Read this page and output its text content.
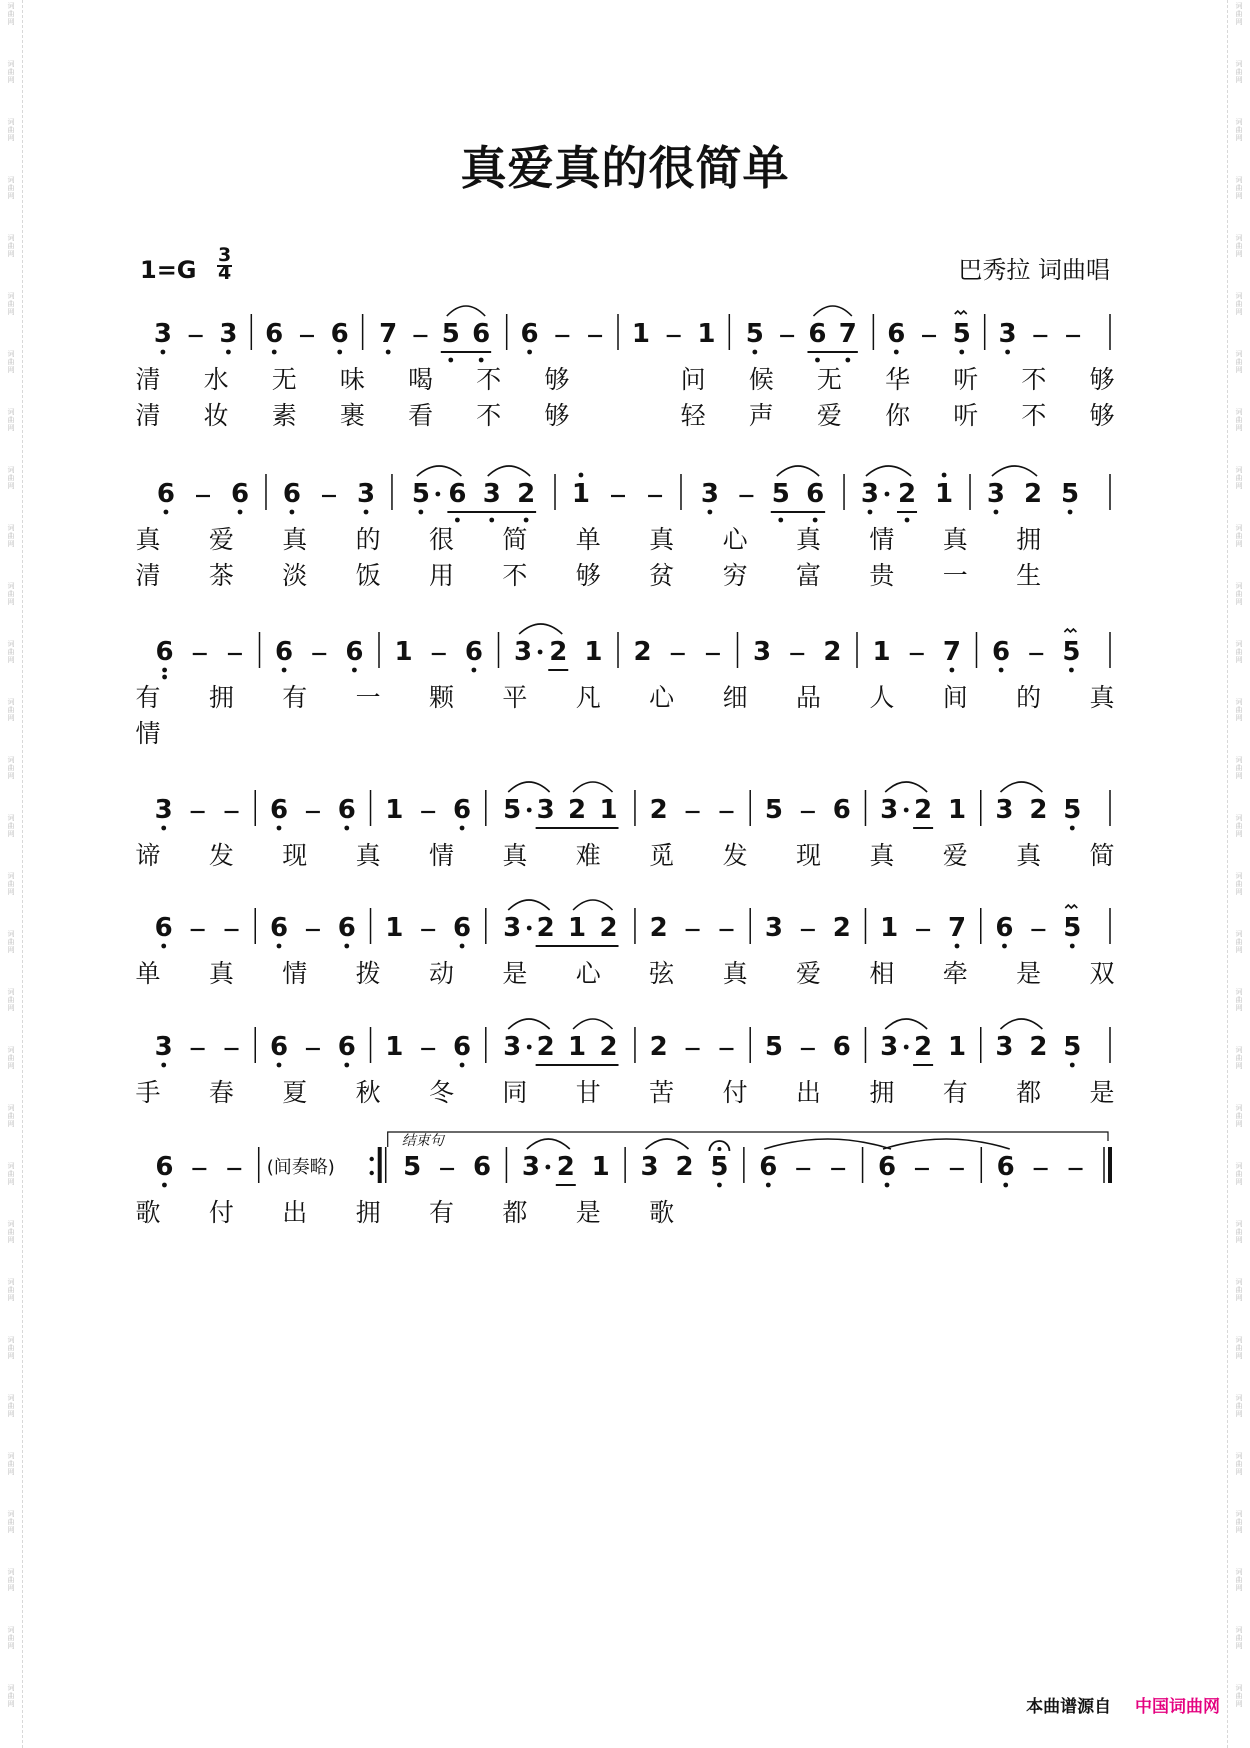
真爱真的很简单
1=G
3
4	巴秀拉 词曲唱
3 3 6 6 7 5 6 6	1 1 5 6 7 6 5 3
清 水 无 味 喝 不 够	问 候 无 华 听 不 够
清 妆 素 裹 看 不 够	轻 声 爱 你 听 不 够
6 6 6 3 5 6 3 2 1	3 5 6 3 2 1 3 2 5
真 爱 真 的 很 简 单 真 心 真 情 真 拥
清 茶 淡 饭 用 不 够 贫 穷 富 贵 一 生
6	6 6 1 6 3 2 1 2	3 2 1 7 6 5
有 拥 有 一 颗 平 凡 心 细 品 人 间 的 真
情
3	6 6 1 6 5 3 2 1 2	5 6 3 2 1 3 2 5
谛 发 现 真 情 真 难 觅 发 现 真 爱 真 简
6	6 6 1 6 3 2 1 2 2	3 2 1 7 6 5
单 真 情 拨 动 是 心 弦 真 爱 相 牵 是 双
3	6 6 1 6 3 2 1 2 2	5 6 3 2 1 3 2 5
手 春 夏 秋 冬 同 甘 苦 付 出 拥 有 都 是
6	(间奏略)
结束句
5 6 3 2 1 3 2 5 6	6	6
歌 付 出 拥 有 都 是 歌
本曲谱源自 中国词曲网
词
曲
网
词
曲
网
词
曲
网
词
曲
网
词
曲
网
词
曲
网
词
曲
网
词
曲
网
词
曲
网
词
曲
网
词
曲
网
词
曲
网
词
曲
网
词
曲
网
词
曲
网
词
曲
网
词
曲
网
词
曲
网
词
曲
网
词
曲
网
词
曲
网
词
曲
网
词
曲
网
词
曲
网
词
曲
网
词
曲
网
词
曲
网
词
曲
网
词
曲
网
词
曲
网
词
曲
网
词
曲
网
词
曲
网
词
曲
网
词
曲
网
词
曲
网
词
曲
网
词
曲
网
词
曲
网
词
曲
网
词
曲
网
词
曲
网
词
曲
网
词
曲
网
词
曲
网
词
曲
网
词
曲
网
词
曲
网
词
曲
网
词
曲
网
词
曲
网
词
曲
网
词
曲
网
词
曲
网
词
曲
网
词
曲
网
词
曲
网
词
曲
网
词
曲
网
词
曲
网
